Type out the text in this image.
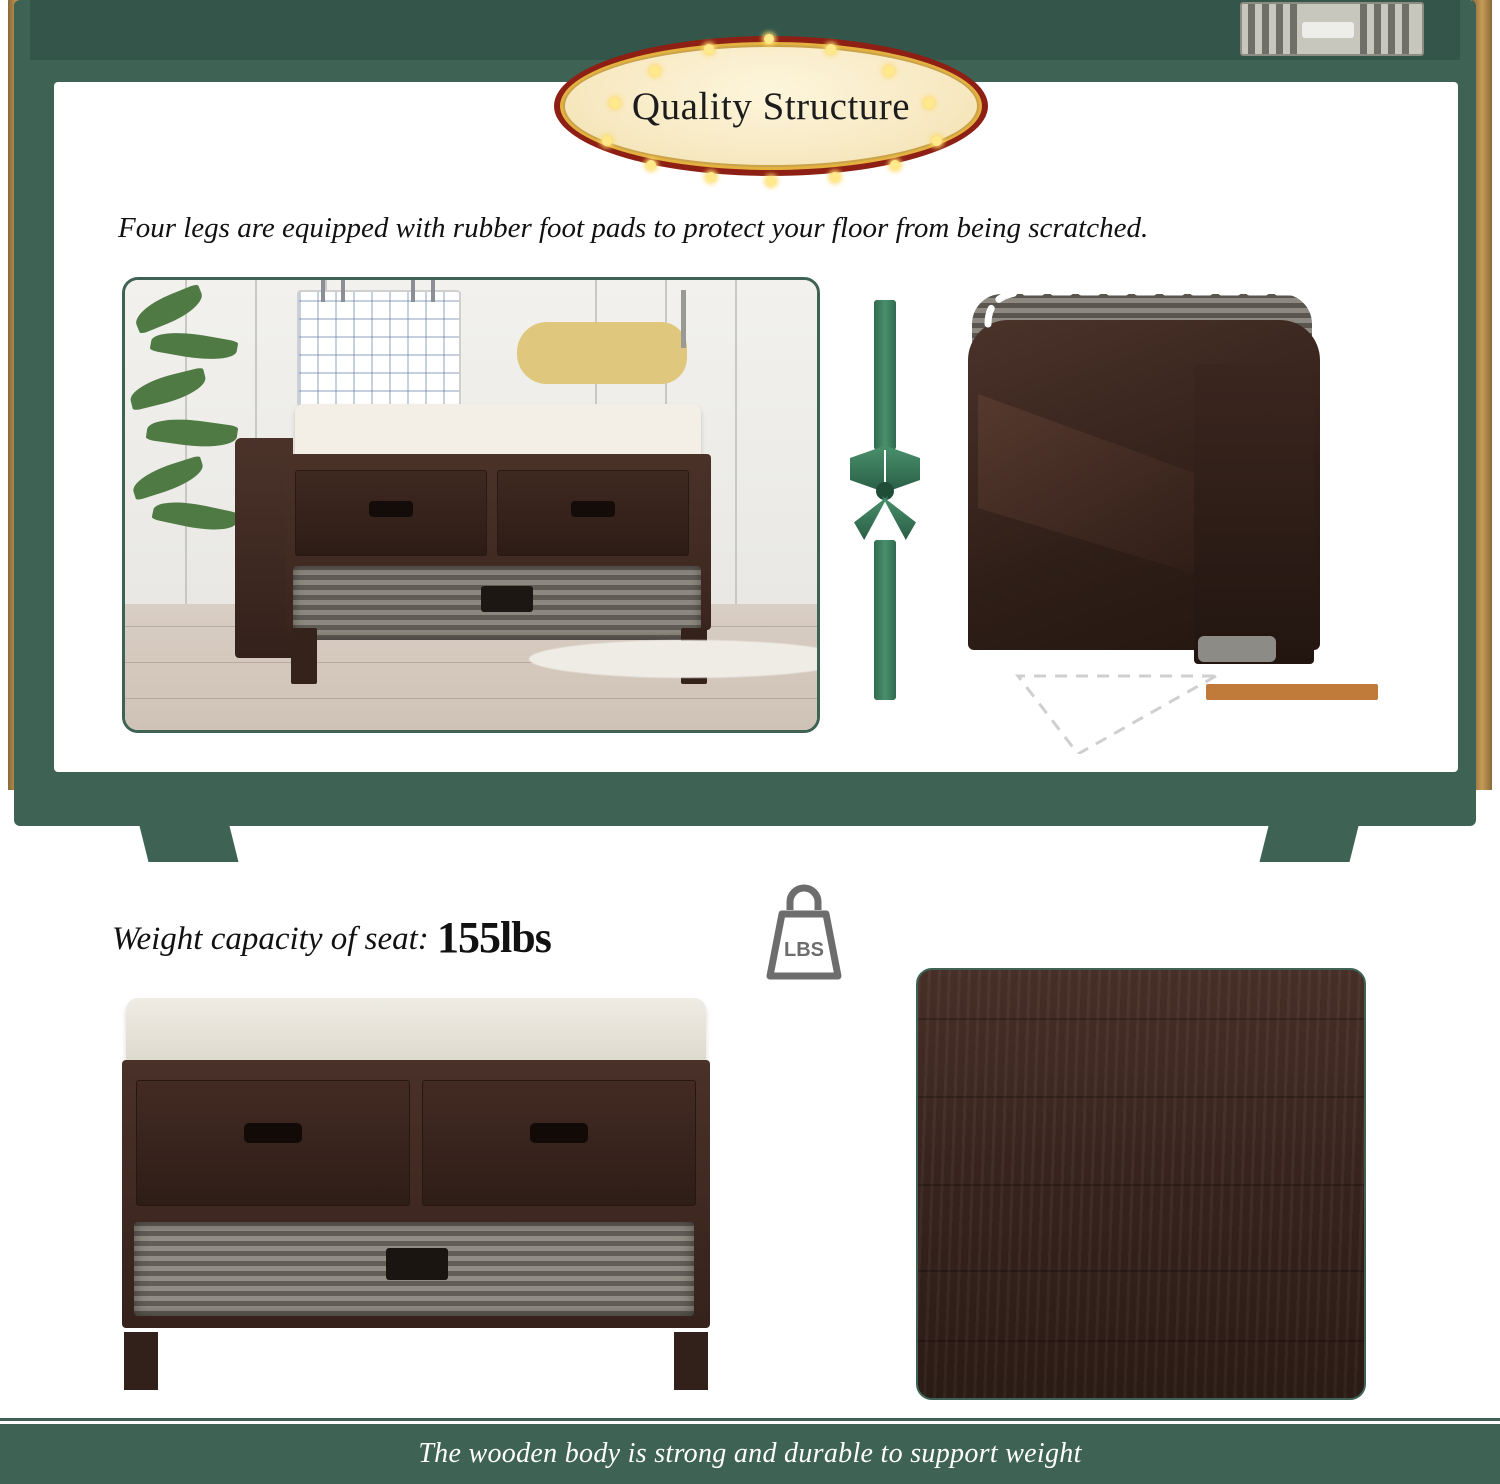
Four legs are equipped with rubber foot pads to protect your floor from being scratched.
Quality Structure
Weight capacity of seat: 155lbs	LBS
The wooden body is strong and durable to support weight
